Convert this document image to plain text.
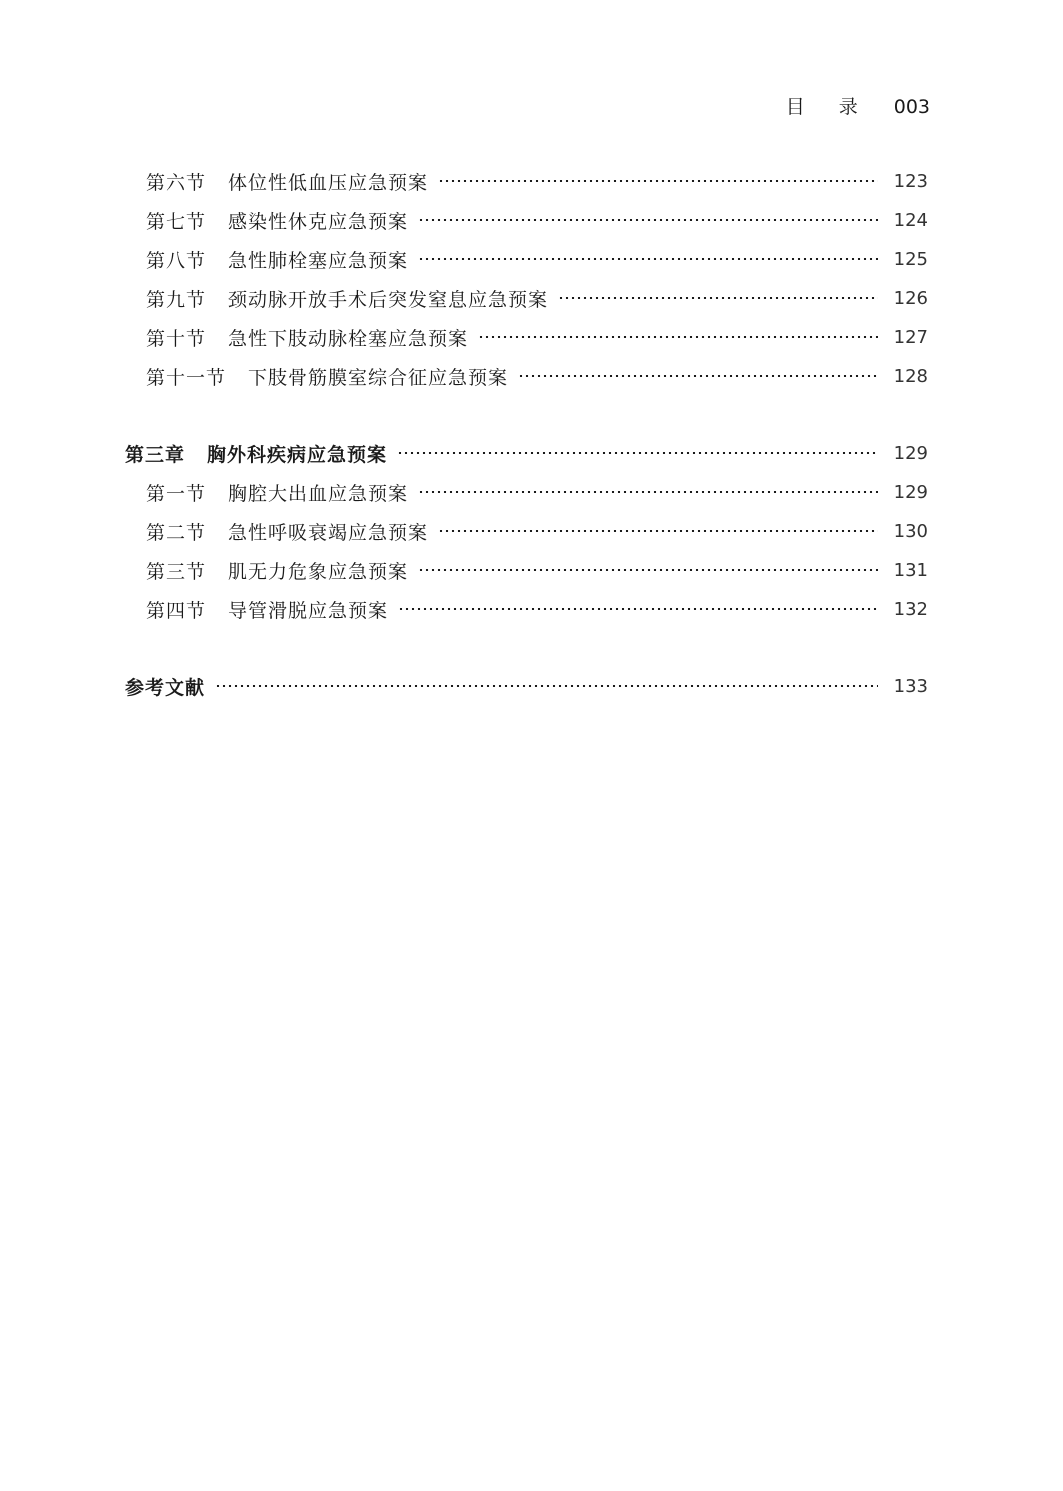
目 录 003
第六节 体位性低血压应急预案	123
第七节 感染性休克应急预案	124
第八节 急性肺栓塞应急预案	125
第九节 颈动脉开放手术后突发窒息应急预案	126
第十节 急性下肢动脉栓塞应急预案	127
第十一节 下肢骨筋膜室综合征应急预案	128
第三章 胸外科疾病应急预案	129
第一节 胸腔大出血应急预案	129
第二节 急性呼吸衰竭应急预案	130
第三节 肌无力危象应急预案	131
第四节 导管滑脱应急预案	132
参考文献	133
